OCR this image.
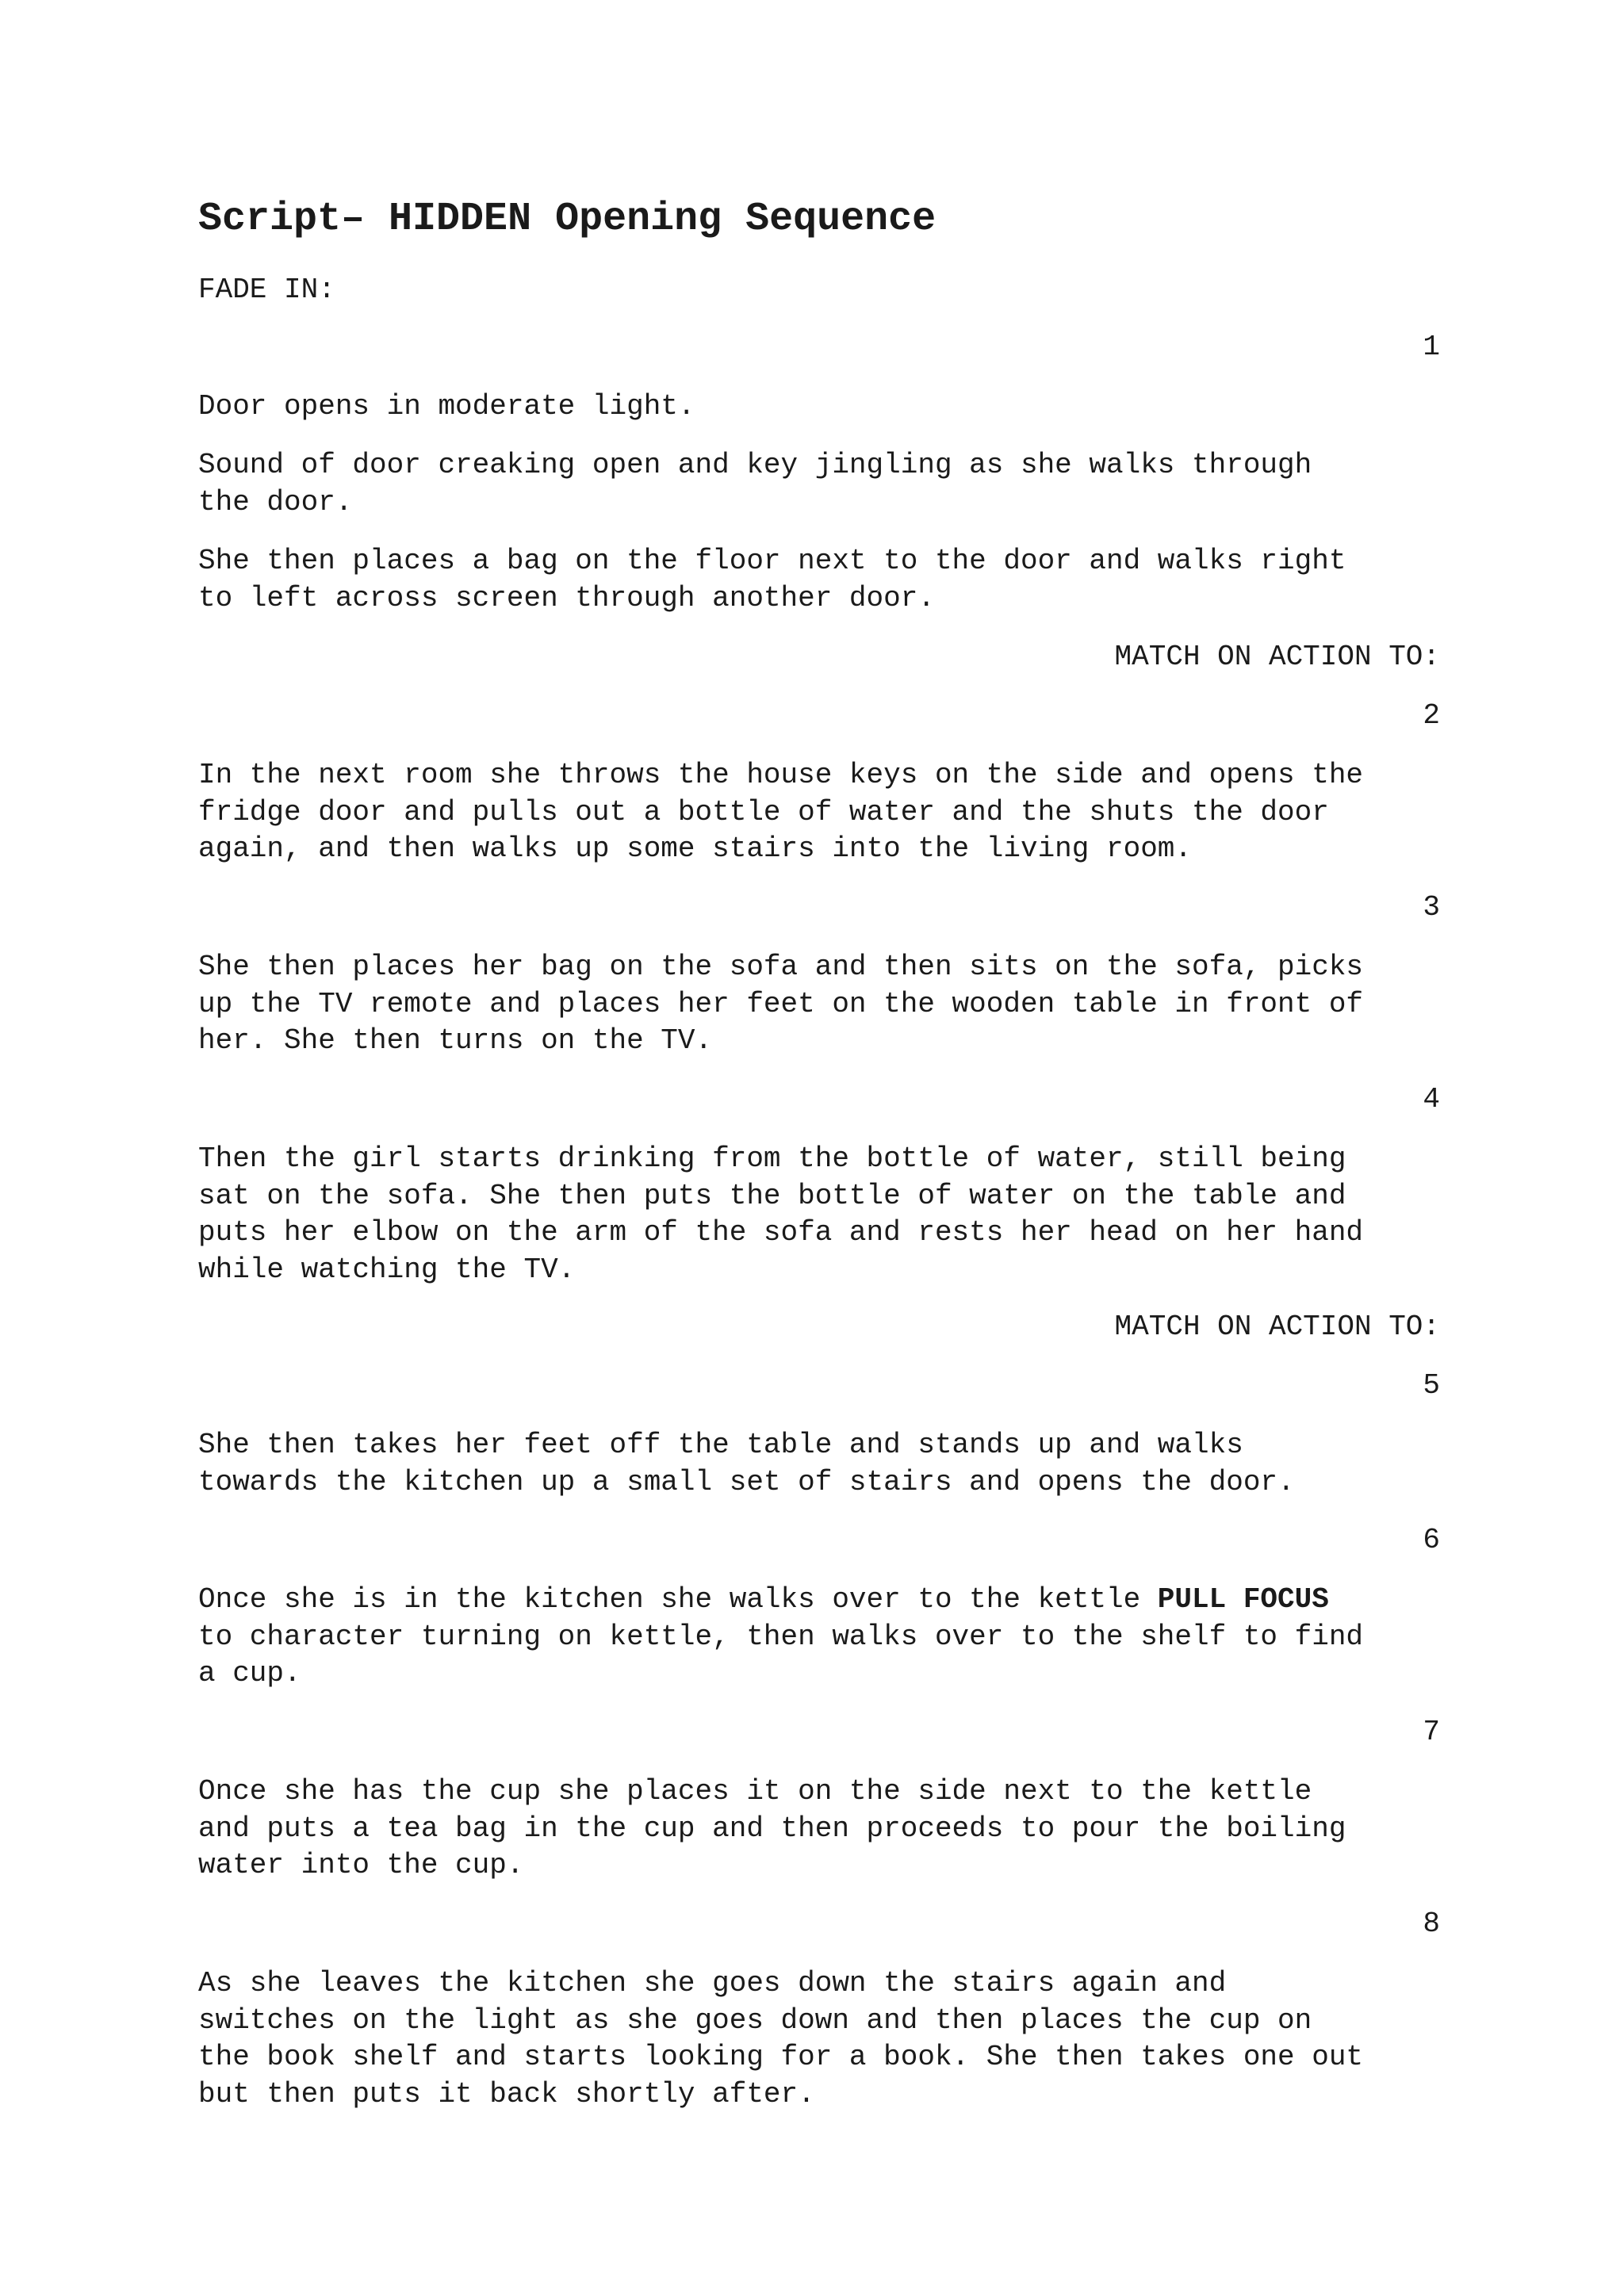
Script– HIDDEN Opening Sequence

FADE IN:

1

Door opens in moderate light.

Sound of door creaking open and key jingling as she walks through
the door.

She then places a bag on the floor next to the door and walks right
to left across screen through another door.

MATCH ON ACTION TO:

2

In the next room she throws the house keys on the side and opens the
fridge door and pulls out a bottle of water and the shuts the door
again, and then walks up some stairs into the living room.

3

She then places her bag on the sofa and then sits on the sofa, picks
up the TV remote and places her feet on the wooden table in front of
her. She then turns on the TV.

4

Then the girl starts drinking from the bottle of water, still being
sat on the sofa. She then puts the bottle of water on the table and
puts her elbow on the arm of the sofa and rests her head on her hand
while watching the TV.

MATCH ON ACTION TO:

5

She then takes her feet off the table and stands up and walks
towards the kitchen up a small set of stairs and opens the door.

6

Once she is in the kitchen she walks over to the kettle PULL FOCUS
to character turning on kettle, then walks over to the shelf to find
a cup.

7

Once she has the cup she places it on the side next to the kettle
and puts a tea bag in the cup and then proceeds to pour the boiling
water into the cup.

8

As she leaves the kitchen she goes down the stairs again and
switches on the light as she goes down and then places the cup on
the book shelf and starts looking for a book. She then takes one out
but then puts it back shortly after.
